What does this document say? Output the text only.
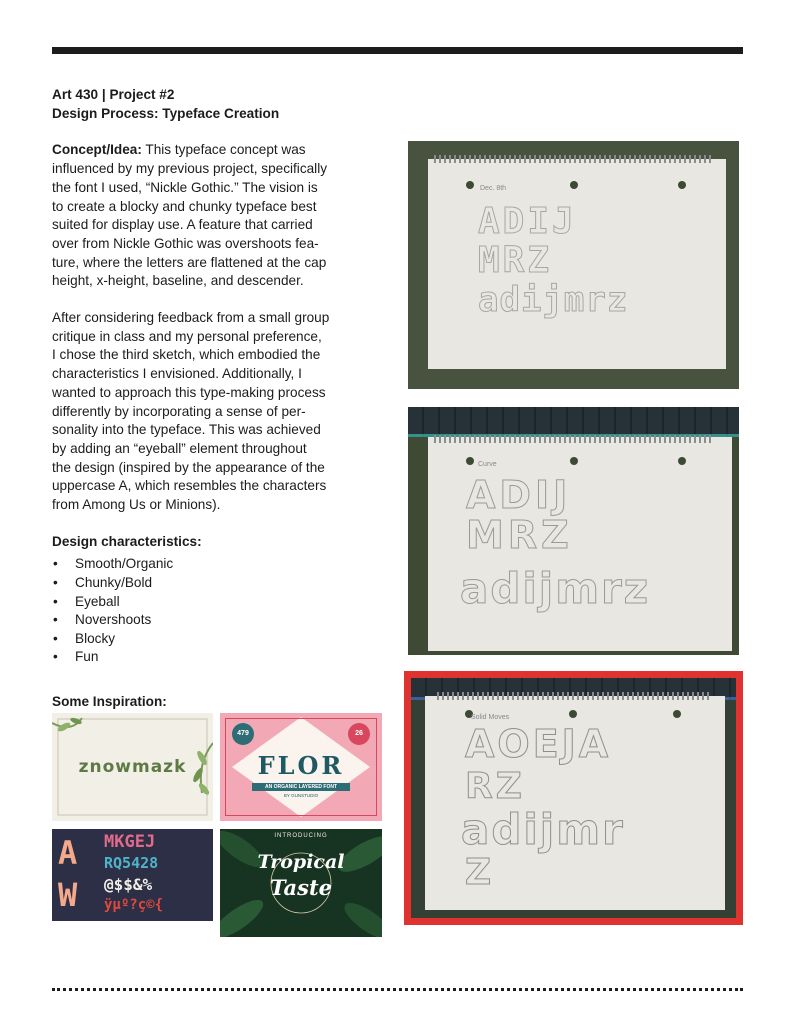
Art 430 | Project #2
Design Process: Typeface Creation

Concept/Idea: This typeface concept was
influenced by my previous project, specifically
the font I used, “Nickle Gothic.” The vision is
to create a blocky and chunky typeface best
suited for display use. A feature that carried
over from Nickle Gothic was overshoots fea-
ture, where the letters are flattened at the cap
height, x-height, baseline, and descender.

After considering feedback from a small group
critique in class and my personal preference,
I chose the third sketch, which embodied the
characteristics I envisioned. Additionally, I
wanted to approach this type-making process
differently by incorporating a sense of per-
sonality into the typeface. This was achieved
by adding an “eyeball” element throughout
the design (inspired by the appearance of the
uppercase A, which resembles the characters
from Among Us or Minions).

Design characteristics:
• Smooth/Organic
• Chunky/Bold
• Eyeball
• Novershoots
• Blocky
• Fun
Some Inspiration:
znowmazk
479	26
FLOR
AN ORGANIC LAYERED FONT
BY GUNSTUDIO
A
W
MKGEJ
RQ5428
@$$&%
ÿµº?ç©{
INTRODUCING
Tropical
Taste
Dec. 8th
ADIJ
MRZ
adijmrz
Curve
ADIJ
MRZ
adijmrz
Solid Moves
AOEJA
RZ
adijmr
Z
